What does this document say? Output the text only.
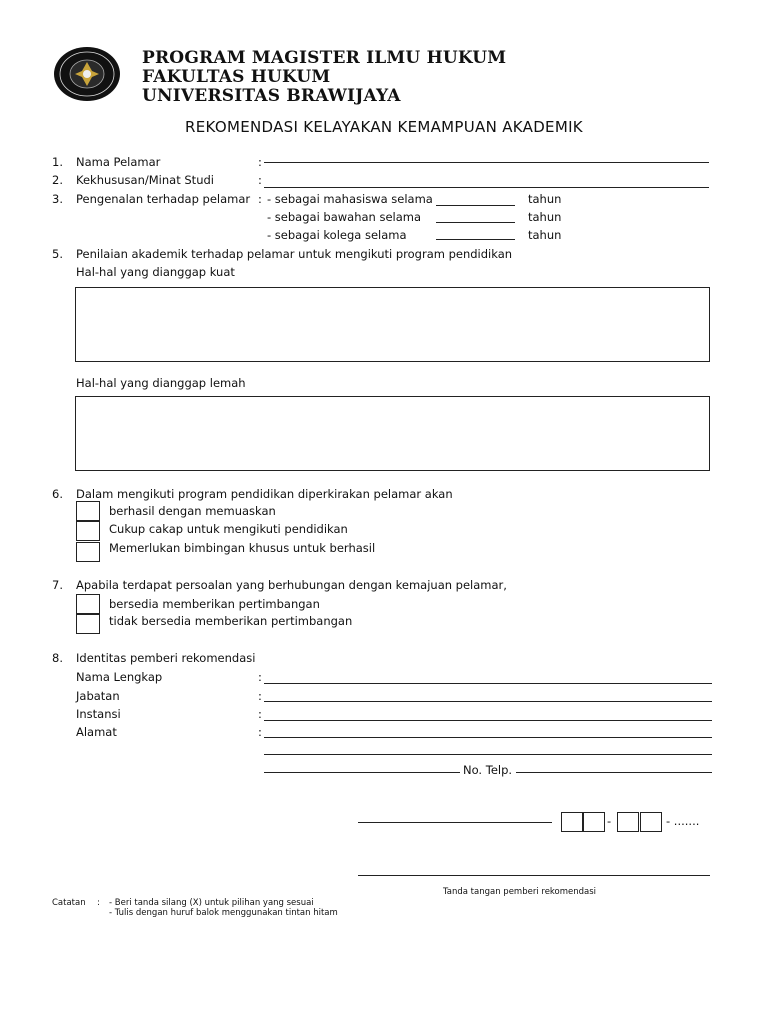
PROGRAM MAGISTER ILMU HUKUM
FAKULTAS HUKUM
UNIVERSITAS BRAWIJAYA
REKOMENDASI KELAYAKAN KEMAMPUAN AKADEMIK
1. Nama Pelamar	:
2. Kekhususan/Minat Studi	:
3. Pengenalan terhadap pelamar : - sebagai mahasiswa selama	tahun
- sebagai bawahan selama	tahun
- sebagai kolega selama	tahun
5. Penilaian akademik terhadap pelamar untuk mengikuti program pendidikan
Hal-hal yang dianggap kuat
Hal-hal yang dianggap lemah
6. Dalam mengikuti program pendidikan diperkirakan pelamar akan
berhasil dengan memuaskan
Cukup cakap untuk mengikuti pendidikan
Memerlukan bimbingan khusus untuk berhasil
7. Apabila terdapat persoalan yang berhubungan dengan kemajuan pelamar,
bersedia memberikan pertimbangan
tidak bersedia memberikan pertimbangan
8. Identitas pemberi rekomendasi
Nama Lengkap	:
Jabatan	:
Instansi	:
Alamat	:
No. Telp.
-	- .......
Tanda tangan pemberi rekomendasi
Catatan : - Beri tanda silang (X) untuk pilihan yang sesuai
- Tulis dengan huruf balok menggunakan tintan hitam
